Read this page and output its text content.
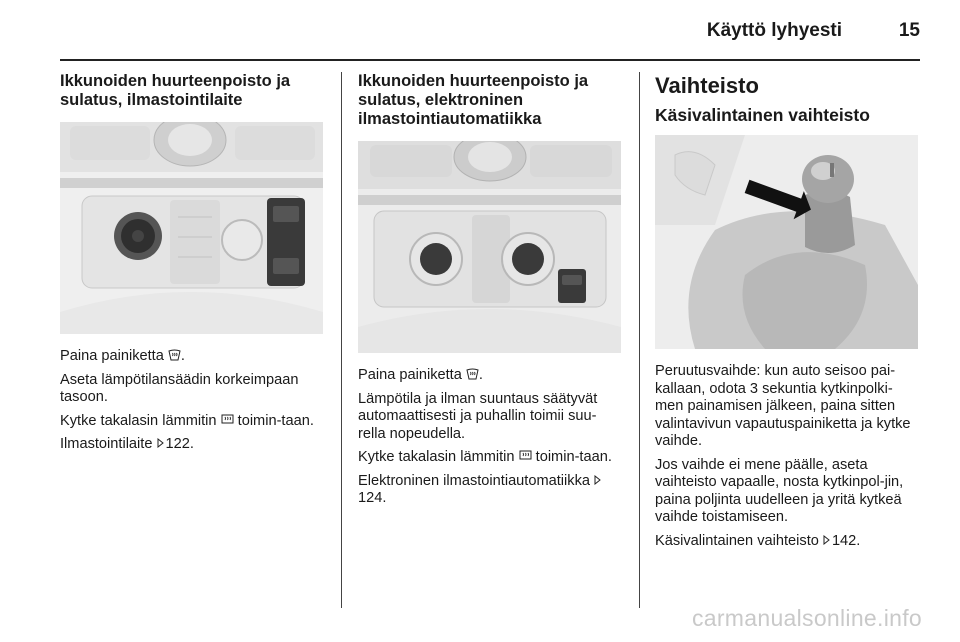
Käyttö lyhyesti	15
Ikkunoiden huurteenpoisto ja sulatus, ilmastointilaite

Paina painiketta .

Aseta lämpötilansäädin korkeimpaan tasoon.

Kytke takalasin lämmitin  toimin-taan.

Ilmastointilaite 122.

Ikkunoiden huurteenpoisto ja sulatus, elektroninen ilmastointiautomatiikka

Paina painiketta .

Lämpötila ja ilman suuntaus säätyvät automaattisesti ja puhallin toimii suu-rella nopeudella.

Kytke takalasin lämmitin  toimin-taan.

Elektroninen ilmastointiautomatiikka 124.

Vaihteisto
Käsivalintainen vaihteisto

Peruutusvaihde: kun auto seisoo pai-kallaan, odota 3 sekuntia kytkinpolki-men painamisen jälkeen, paina sitten valintavivun vapautuspainiketta ja kytke vaihde.

Jos vaihde ei mene päälle, aseta vaihteisto vapaalle, nosta kytkinpol-jin, paina poljinta uudelleen ja yritä kytkeä vaihde toistamiseen.

Käsivalintainen vaihteisto 142.

carmanualsonline.info
